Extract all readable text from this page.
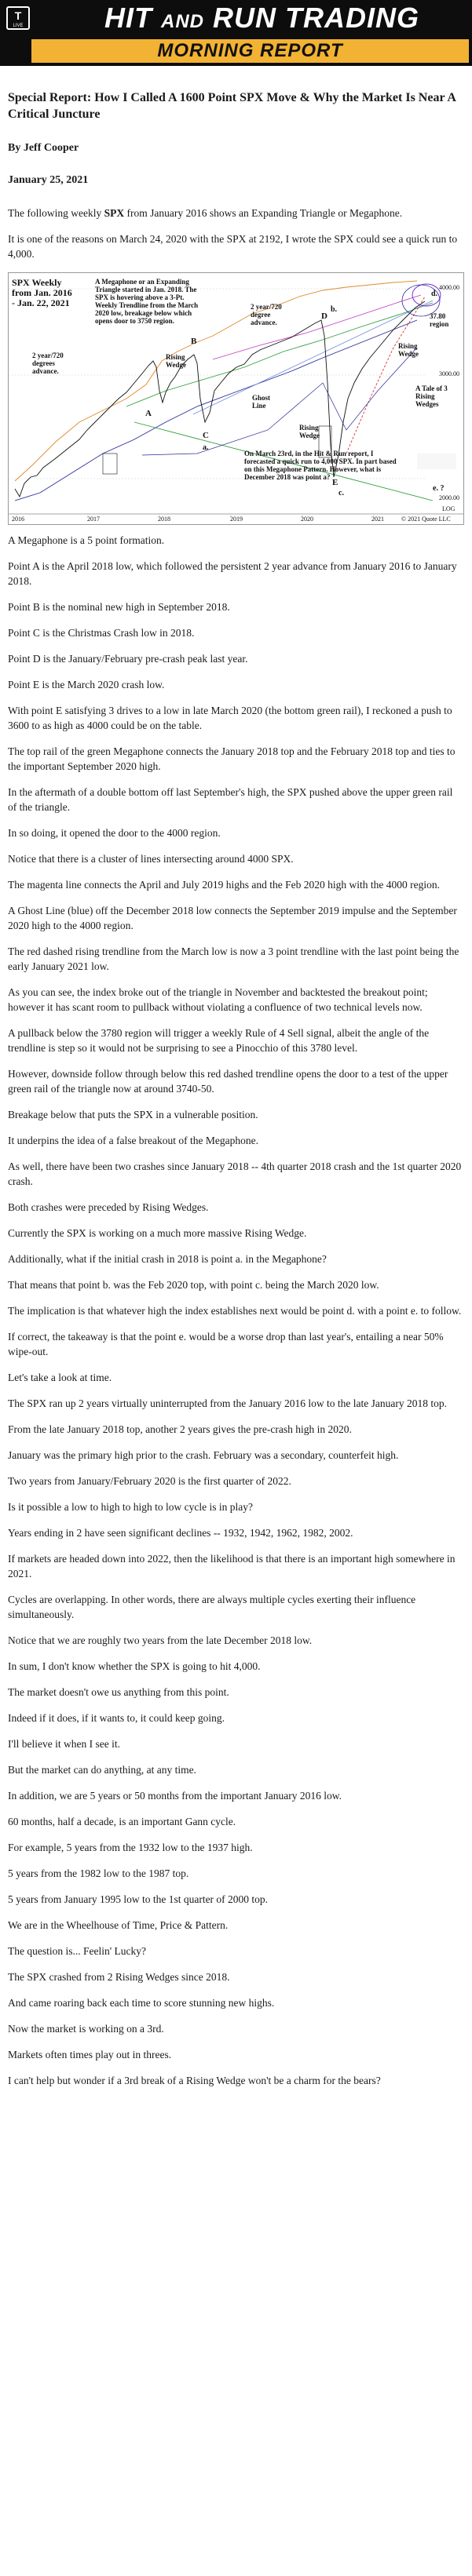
T
LIVE	HIT AND RUN TRADING
MORNING REPORT
Special Report: How I Called A 1600 Point SPX Move & Why the Market Is Near A Critical Juncture
By Jeff Cooper
January 25, 2021

The following weekly SPX from January 2016 shows an Expanding Triangle or Megaphone.

It is one of the reasons on March 24, 2020 with the SPX at 2192, I wrote the SPX could see a quick run to 4,000.

SPX Weekly
from Jan. 2016
- Jan. 22, 2021
A Megaphone or an Expanding Triangle started in Jan. 2018. The SPX is hovering above a 3-Pt. Weekly Trendline from the March 2020 low, breakage below which opens door to 3750 region.
2 year/720 degrees advance.
2 year/720 degree advance.
Rising Wedge
Rising Wedge
Rising Wedge
Ghost Line
A Tale of 3 Rising Wedges
37.80 region
On March 23rd, in the Hit & Run report, I forecasted a quick run to 4,000 SPX. In part based on this Megaphone Pattern. However, what is December 2018 was point a?
A
B
C
D
E
a.
b.
c.
d.
e. ?
4000.00
3000.00
2000.00
LOG
2016	2017	2018	2019	2020	2021	© 2021 Quote LLC

A Megaphone is a 5 point formation.

Point A is the April 2018 low, which followed the persistent 2 year advance from January 2016 to January 2018.

Point B is the nominal new high in September 2018.

Point C is the Christmas Crash low in 2018.

Point D is the January/February pre-crash peak last year.

Point E is the March 2020 crash low.

With point E satisfying 3 drives to a low in late March 2020 (the bottom green rail), I reckoned a push to 3600 to as high as 4000 could be on the table.

The top rail of the green Megaphone connects the January 2018 top and the February 2018 top and ties to the important September 2020 high.

In the aftermath of a double bottom off last September's high, the SPX pushed above the upper green rail of the triangle.

In so doing, it opened the door to the 4000 region.

Notice that there is a cluster of lines intersecting around 4000 SPX.

The magenta line connects the April and July 2019 highs and the Feb 2020 high with the 4000 region.

A Ghost Line (blue) off the December 2018 low connects the September 2019 impulse and the September 2020 high to the 4000 region.

The red dashed rising trendline from the March low is now a 3 point trendline with the last point being the early January 2021 low.

As you can see, the index broke out of the triangle in November and backtested the breakout point; however it has scant room to pullback without violating a confluence of two technical levels now.

A pullback below the 3780 region will trigger a weekly Rule of 4 Sell signal, albeit the angle of the trendline is step so it would not be surprising to see a Pinocchio of this 3780 level.

However, downside follow through below this red dashed trendline opens the door to a test of the upper green rail of the triangle now at around 3740-50.

Breakage below that puts the SPX in a vulnerable position.

It underpins the idea of a false breakout of the Megaphone.

As well, there have been two crashes since January 2018 -- 4th quarter 2018 crash and the 1st quarter 2020 crash.

Both crashes were preceded by Rising Wedges.

Currently the SPX is working on a much more massive Rising Wedge.

Additionally, what if the initial crash in 2018 is point a. in the Megaphone?

That means that point b. was the Feb 2020 top, with point c. being the March 2020 low.

The implication is that whatever high the index establishes next would be point d. with a point e. to follow.

If correct, the takeaway is that the point e. would be a worse drop than last year's, entailing a near 50% wipe-out.

Let's take a look at time.

The SPX ran up 2 years virtually uninterrupted from the January 2016 low to the late January 2018 top.

From the late January 2018 top, another 2 years gives the pre-crash high in 2020.

January was the primary high prior to the crash. February was a secondary, counterfeit high.

Two years from January/February 2020 is the first quarter of 2022.

Is it possible a low to high to high to low cycle is in play?

Years ending in 2 have seen significant declines -- 1932, 1942, 1962, 1982, 2002.

If markets are headed down into 2022, then the likelihood is that there is an important high somewhere in 2021.

Cycles are overlapping. In other words, there are always multiple cycles exerting their influence simultaneously.

Notice that we are roughly two years from the late December 2018 low.

In sum, I don't know whether the SPX is going to hit 4,000.

The market doesn't owe us anything from this point.

Indeed if it does, if it wants to, it could keep going.

I'll believe it when I see it.

But the market can do anything, at any time.

In addition, we are 5 years or 50 months from the important January 2016 low.

60 months, half a decade, is an important Gann cycle.

For example, 5 years from the 1932 low to the 1937 high.

5 years from the 1982 low to the 1987 top.

5 years from January 1995 low to the 1st quarter of 2000 top.

We are in the Wheelhouse of Time, Price & Pattern.

The question is... Feelin' Lucky?

The SPX crashed from 2 Rising Wedges since 2018.

And came roaring back each time to score stunning new highs.

Now the market is working on a 3rd.

Markets often times play out in threes.

I can't help but wonder if a 3rd break of a Rising Wedge won't be a charm for the bears?
